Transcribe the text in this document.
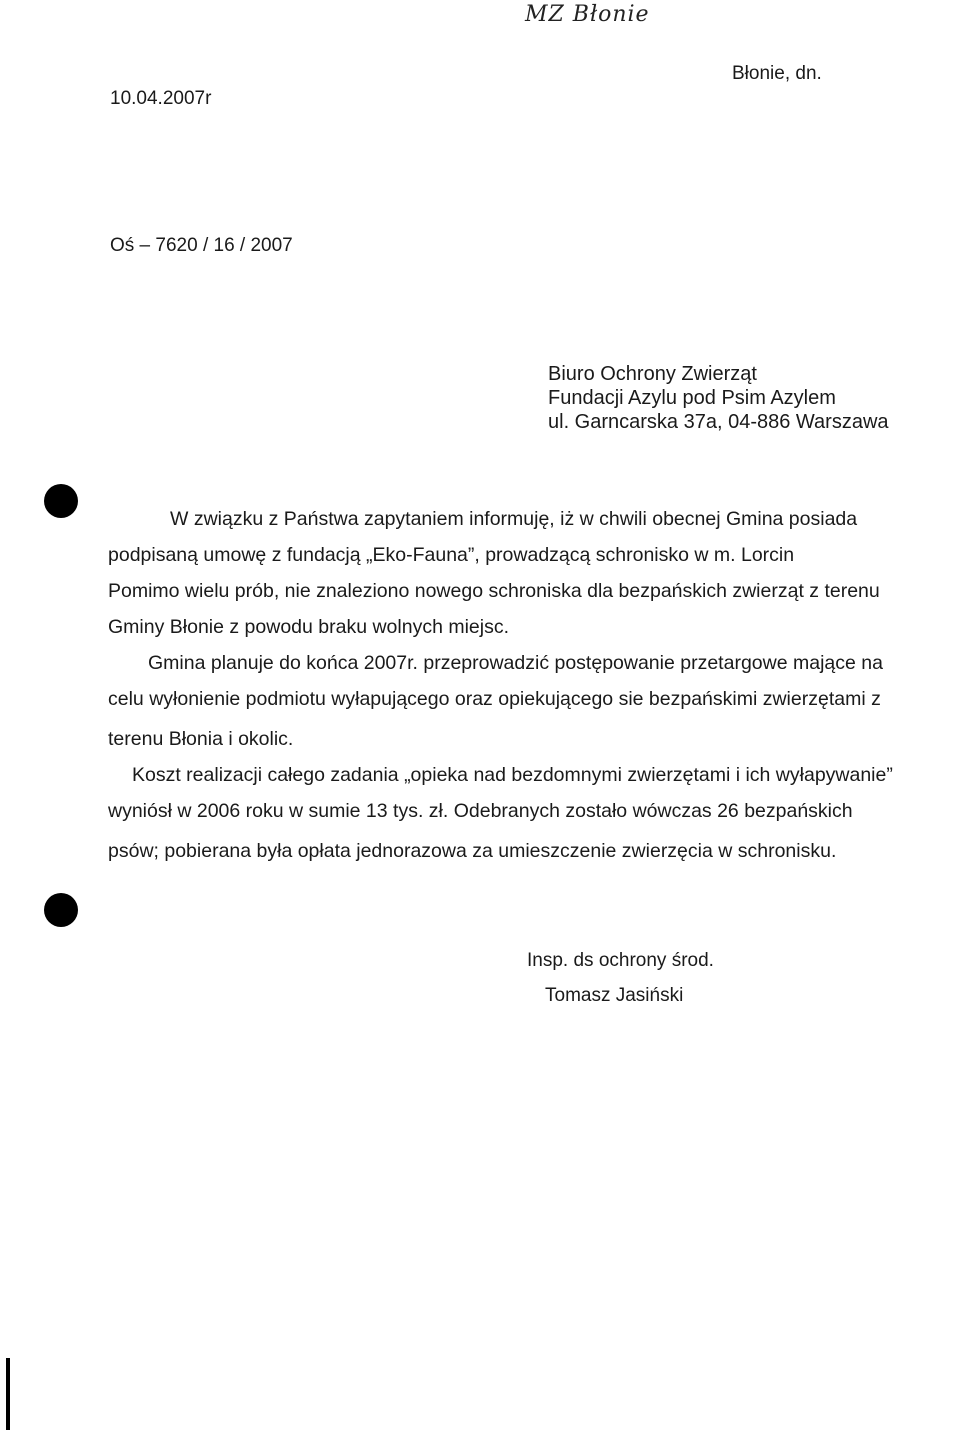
MZ Błonie
Błonie, dn.
10.04.2007r
Oś – 7620 / 16 / 2007
Biuro Ochrony Zwierząt
Fundacji Azylu pod Psim Azylem
ul. Garncarska 37a, 04-886 Warszawa
W związku z Państwa zapytaniem informuję, iż w chwili obecnej Gmina posiada
podpisaną umowę z fundacją „Eko-Fauna”, prowadzącą schronisko w m. Lorcin
Pomimo wielu prób, nie znaleziono nowego schroniska dla bezpańskich zwierząt z terenu
Gminy Błonie z powodu braku wolnych miejsc.
Gmina planuje do końca 2007r. przeprowadzić postępowanie przetargowe mające na
celu wyłonienie podmiotu wyłapującego oraz opiekującego sie bezpańskimi zwierzętami z
terenu Błonia i okolic.
Koszt realizacji całego zadania „opieka nad bezdomnymi zwierzętami i ich wyłapywanie”
wyniósł w 2006 roku w sumie 13 tys. zł. Odebranych zostało wówczas 26 bezpańskich
psów; pobierana była opłata jednorazowa za umieszczenie zwierzęcia w schronisku.
Insp. ds ochrony środ.
Tomasz Jasiński
